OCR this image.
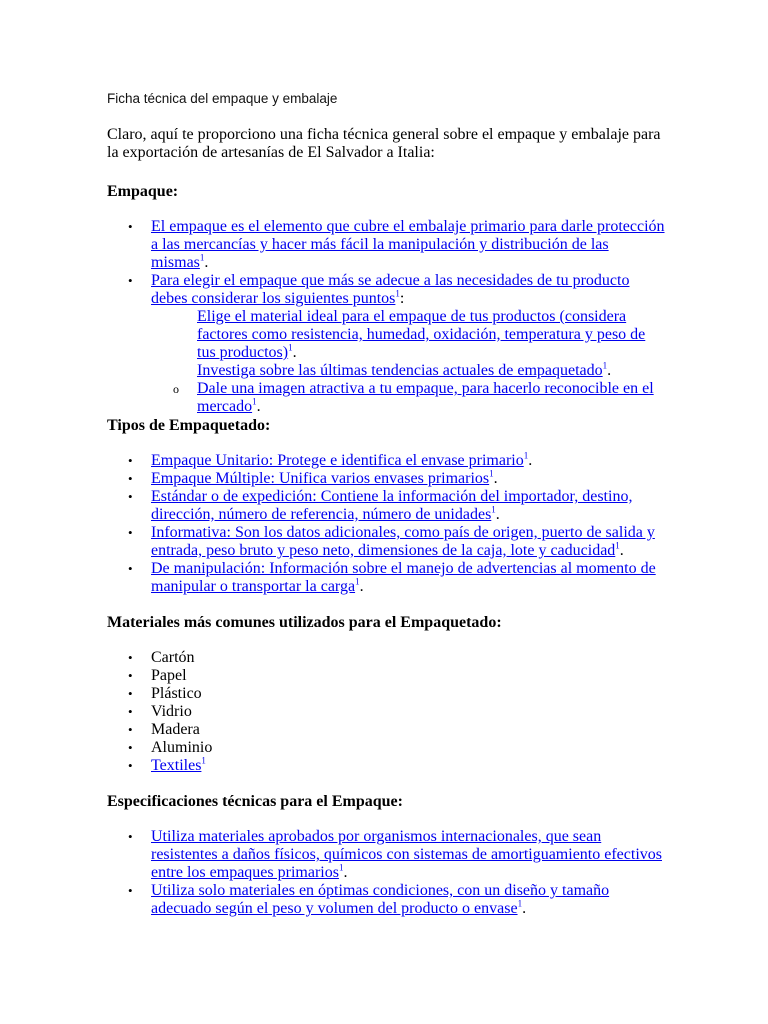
Ficha técnica del empaque y embalaje
Claro, aquí te proporciono una ficha técnica general sobre el empaque y embalaje para la exportación de artesanías de El Salvador a Italia:
Empaque:
• El empaque es el elemento que cubre el embalaje primario para darle protección a las mercancías y hacer más fácil la manipulación y distribución de las mismas$^1$.
• Para elegir el empaque que más se adecue a las necesidades de tu producto debes considerar los siguientes puntos$^1$:
Elige el material ideal para el empaque de tus productos (considera factores como resistencia, humedad, oxidación, temperatura y peso de tus productos)$^1$.
Investiga sobre las últimas tendencias actuales de empaquetado$^1$.
o Dale una imagen atractiva a tu empaque, para hacerlo reconocible en el mercado$^1$.
Tipos de Empaquetado:
• Empaque Unitario: Protege e identifica el envase primario$^1$.
• Empaque Múltiple: Unifica varios envases primarios$^1$.
• Estándar o de expedición: Contiene la información del importador, destino, dirección, número de referencia, número de unidades$^1$.
• Informativa: Son los datos adicionales, como país de origen, puerto de salida y entrada, peso bruto y peso neto, dimensiones de la caja, lote y caducidad$^1$.
• De manipulación: Información sobre el manejo de advertencias al momento de manipular o transportar la carga$^1$.
Materiales más comunes utilizados para el Empaquetado:
• Cartón
• Papel
• Plástico
• Vidrio
• Madera
• Aluminio
• Textiles$^1$
Especificaciones técnicas para el Empaque:
• Utiliza materiales aprobados por organismos internacionales, que sean resistentes a daños físicos, químicos con sistemas de amortiguamiento efectivos entre los empaques primarios$^1$.
• Utiliza solo materiales en óptimas condiciones, con un diseño y tamaño adecuado según el peso y volumen del producto o envase$^1$.
